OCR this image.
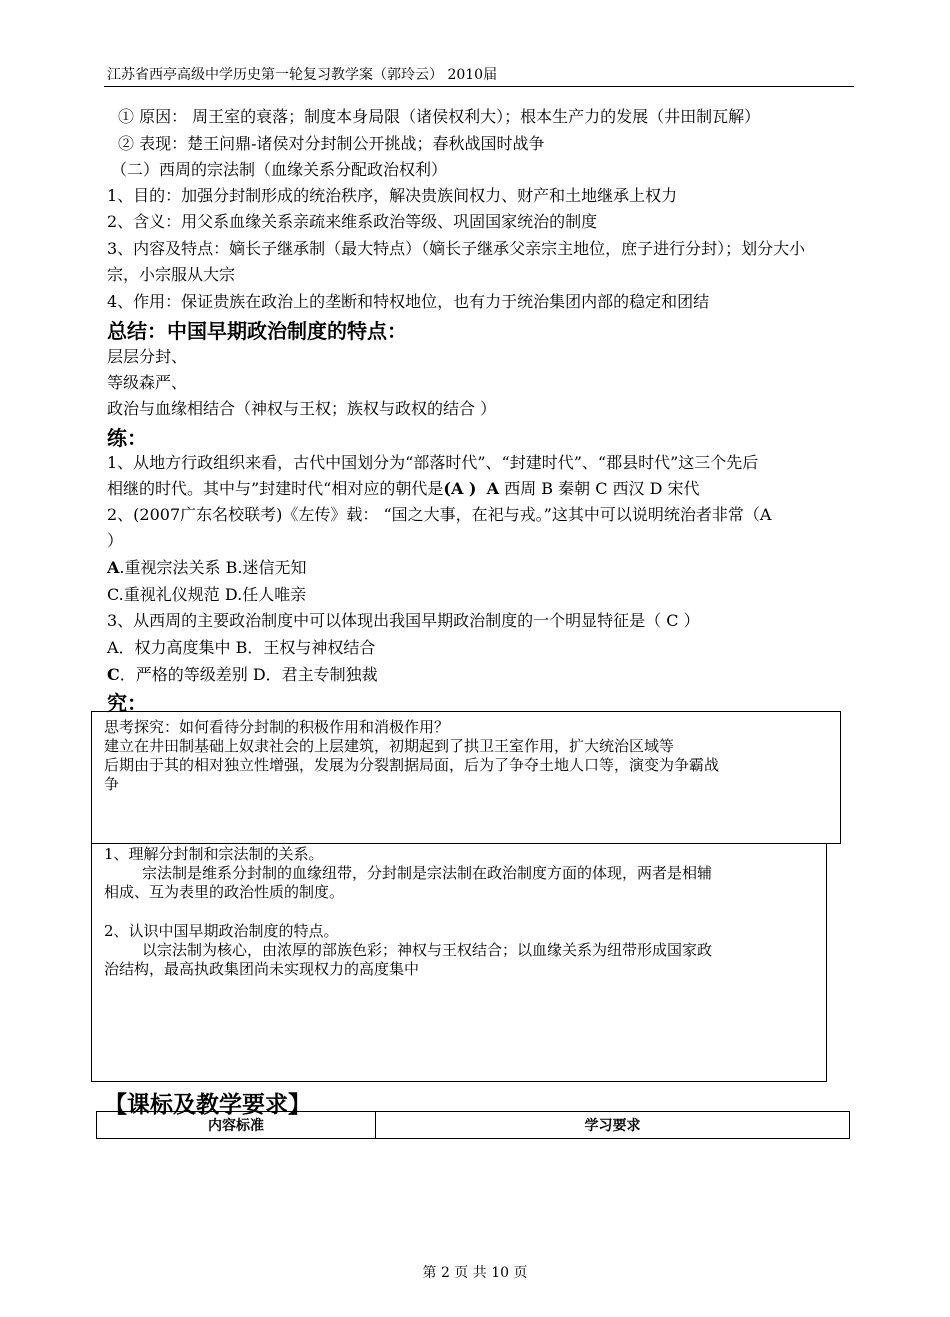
江苏省西亭高级中学历史第一轮复习教学案（郭玲云） 2010届
① 原因： 周王室的衰落；制度本身局限（诸侯权利大）；根本生产力的发展（井田制瓦解）
② 表现：楚王问鼎-诸侯对分封制公开挑战；春秋战国时战争
（二）西周的宗法制（血缘关系分配政治权利）
1、目的：加强分封制形成的统治秩序，解决贵族间权力、财产和土地继承上权力
2、含义：用父系血缘关系亲疏来维系政治等级、巩固国家统治的制度
3、内容及特点：嫡长子继承制（最大特点）（嫡长子继承父亲宗主地位，庶子进行分封）；划分大小
宗，小宗服从大宗
4、作用：保证贵族在政治上的垄断和特权地位，也有力于统治集团内部的稳定和团结
总结：中国早期政治制度的特点：
层层分封、
等级森严、
政治与血缘相结合（神权与王权；族权与政权的结合 ）
练：
1、从地方行政组织来看，古代中国划分为“部落时代”、“封建时代”、“郡县时代”这三个先后
相继的时代。其中与”封建时代“相对应的朝代是(A ) A 西周 B 秦朝 C 西汉 D 宋代
2、(2007广东名校联考)《左传》载： “国之大事，在祀与戎。”这其中可以说明统治者非常（A
）
A.重视宗法关系 B.迷信无知
C.重视礼仪规范 D.任人唯亲
3、从西周的主要政治制度中可以体现出我国早期政治制度的一个明显特征是（ C ）
A．权力高度集中 B．王权与神权结合
C．严格的等级差别 D．君主专制独裁
究：
思考探究：如何看待分封制的积极作用和消极作用？
建立在井田制基础上奴隶社会的上层建筑，初期起到了拱卫王室作用，扩大统治区域等
后期由于其的相对独立性增强，发展为分裂割据局面，后为了争夺土地人口等，演变为争霸战
争
1、理解分封制和宗法制的关系。
宗法制是维系分封制的血缘纽带，分封制是宗法制在政治制度方面的体现，两者是相辅
相成、互为表里的政治性质的制度。
2、认识中国早期政治制度的特点。
以宗法制为核心，由浓厚的部族色彩；神权与王权结合；以血缘关系为纽带形成国家政
治结构，最高执政集团尚未实现权力的高度集中
【课标及教学要求】
内容标准	学习要求
第 2 页 共 10 页
